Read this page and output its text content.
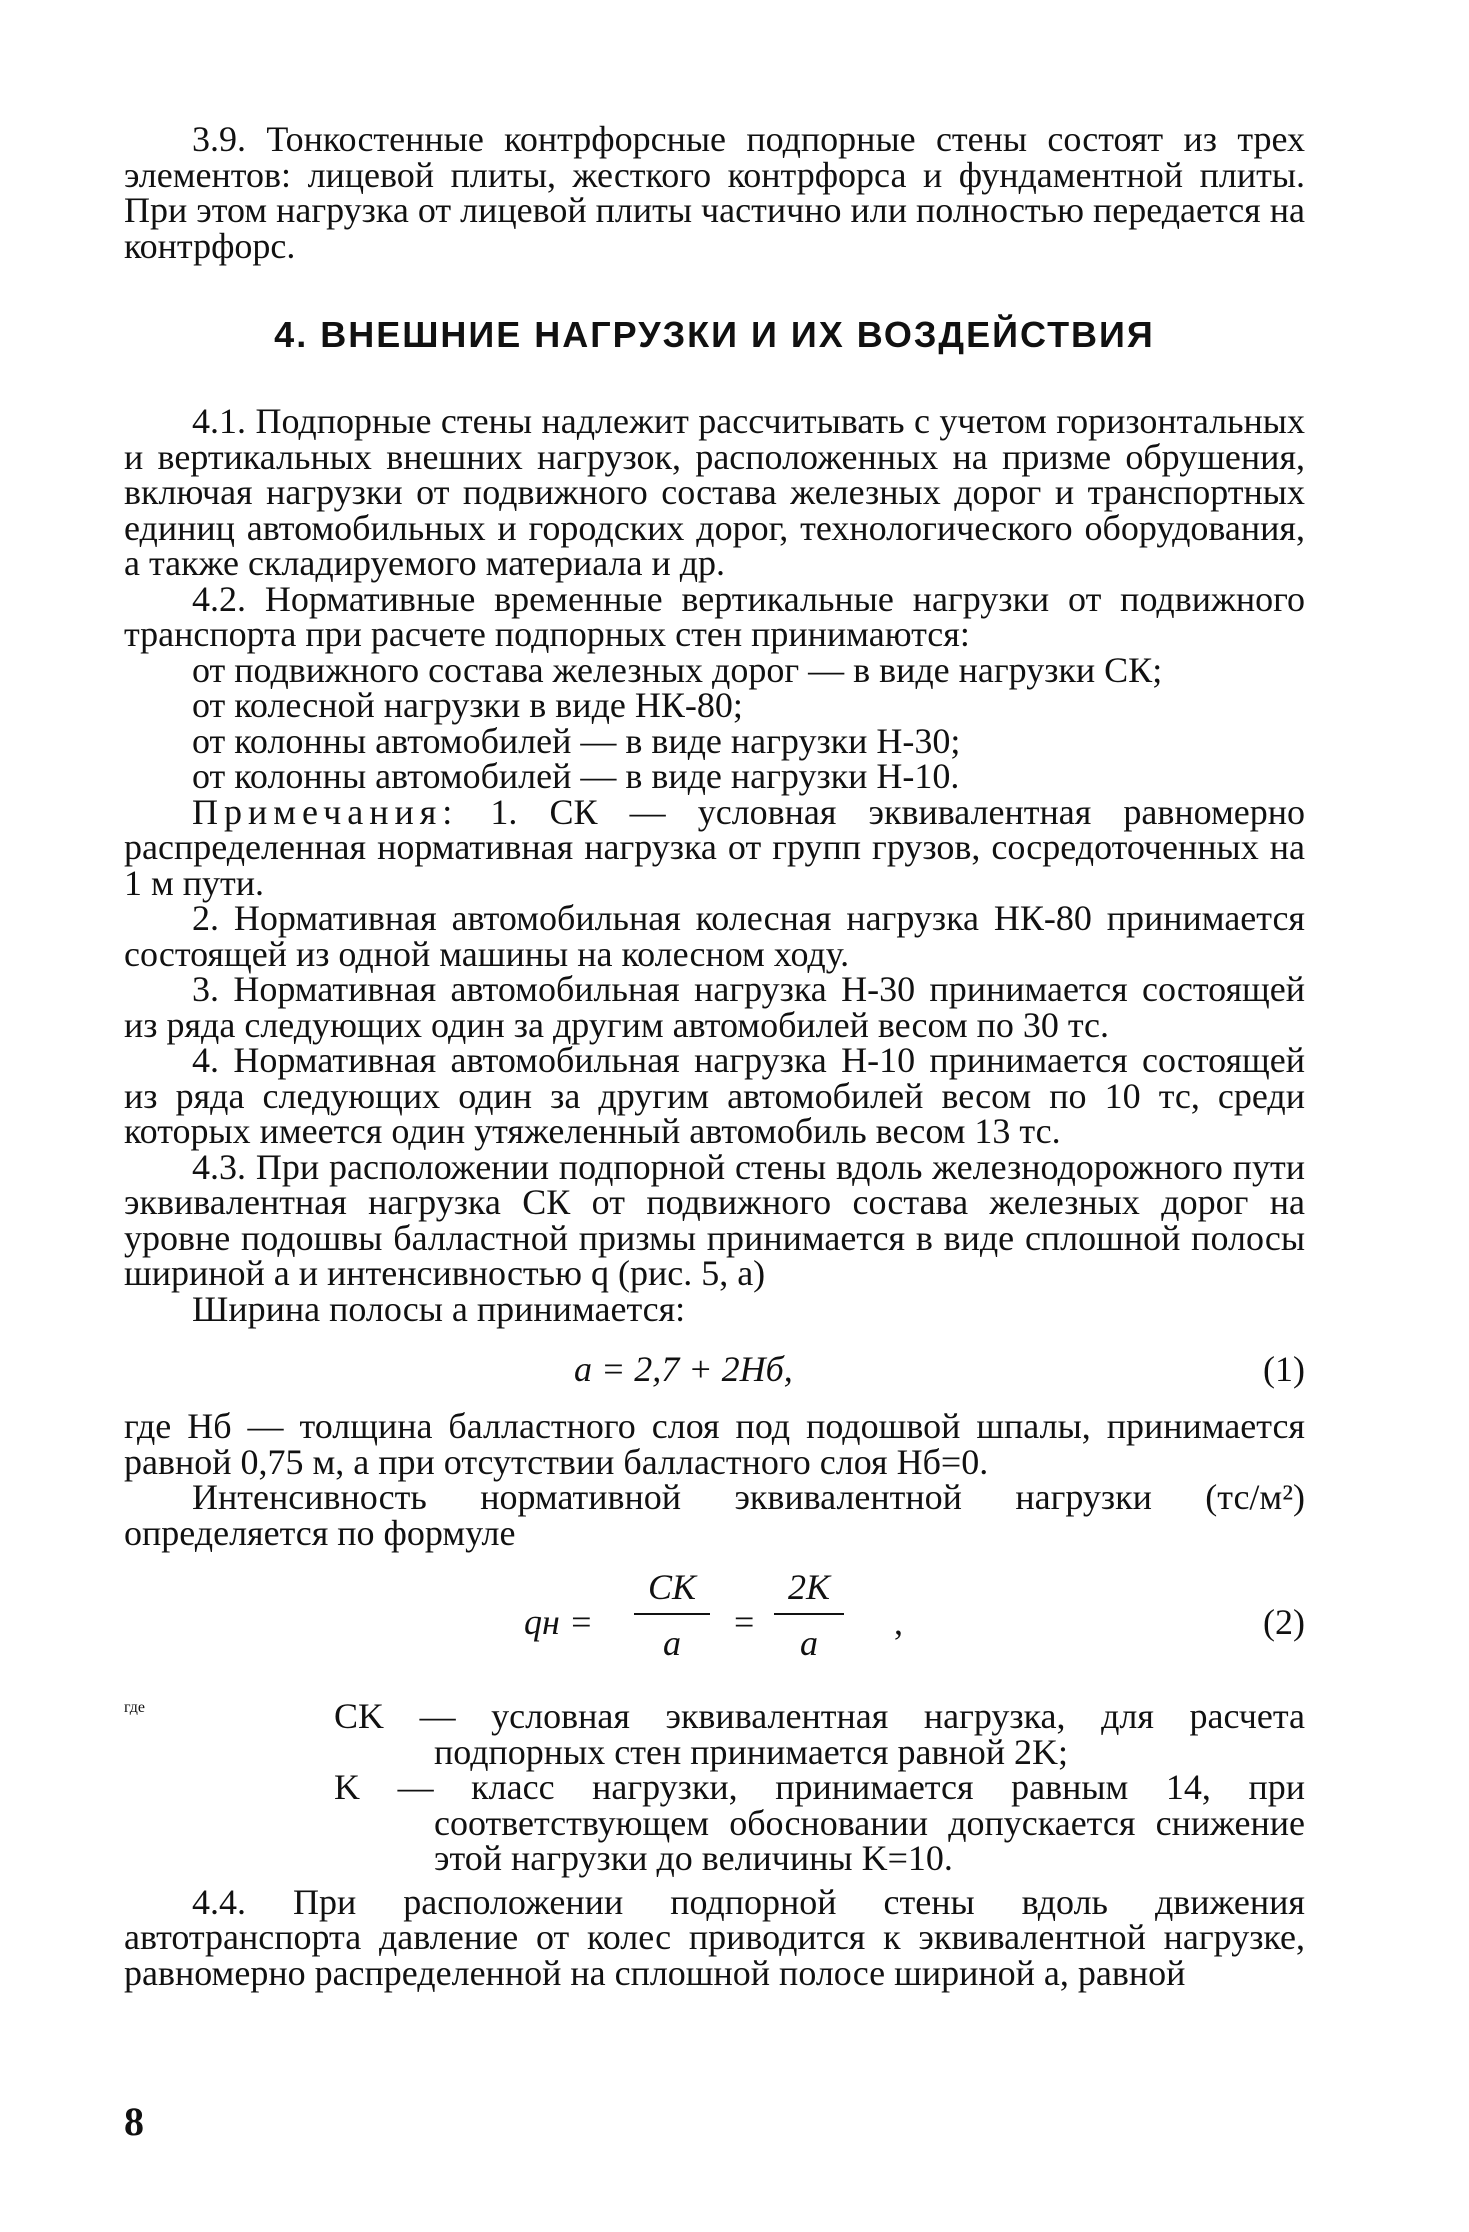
3.9. Тонкостенные контрфорсные подпорные стены состоят из трех элементов: лицевой плиты, жесткого контрфорса и фундаментной плиты. При этом нагрузка от лицевой плиты частично или полностью передается на контрфорс.

4. ВНЕШНИЕ НАГРУЗКИ И ИХ ВОЗДЕЙСТВИЯ

4.1. Подпорные стены надлежит рассчитывать с учетом горизонтальных и вертикальных внешних нагрузок, расположенных на призме обрушения, включая нагрузки от подвижного состава железных дорог и транспортных единиц автомобильных и городских дорог, технологического оборудования, а также складируемого материала и др.

4.2. Нормативные временные вертикальные нагрузки от подвижного транспорта при расчете подпорных стен принимаются:

от подвижного состава железных дорог — в виде нагрузки СК;

от колесной нагрузки в виде НК-80;

от колонны автомобилей — в виде нагрузки Н-30;

от колонны автомобилей — в виде нагрузки Н-10.

Примечания: 1. СК — условная эквивалентная равномерно распределенная нормативная нагрузка от групп грузов, сосредоточенных на 1 м пути.

2. Нормативная автомобильная колесная нагрузка НК-80 принимается состоящей из одной машины на колесном ходу.

3. Нормативная автомобильная нагрузка Н-30 принимается состоящей из ряда следующих один за другим автомобилей весом по 30 тс.

4. Нормативная автомобильная нагрузка Н-10 принимается состоящей из ряда следующих один за другим автомобилей весом по 10 тс, среди которых имеется один утяжеленный автомобиль весом 13 тс.

4.3. При расположении подпорной стены вдоль железнодорожного пути эквивалентная нагрузка СК от подвижного состава железных дорог на уровне подошвы балластной призмы принимается в виде сплошной полосы шириной a и интенсивностью q (рис. 5, a)

Ширина полосы a принимается:

a = 2,7 + 2Hб,	(1)

где Hб — толщина балластного слоя под подошвой шпалы, принимается равной 0,75 м, а при отсутствии балластного слоя Hб=0.

Интенсивность нормативной эквивалентной нагрузки (тс/м²) определяется по формуле

qн = $\frac{CK}{a} = \frac{2K}{a}$ ,	(2)
где	CK — условная эквивалентная нагрузка, для расчета подпорных стен принимается равной 2K;

K — класс нагрузки, принимается равным 14, при соответствующем обосновании допускается снижение этой нагрузки до величины K=10.

4.4. При расположении подпорной стены вдоль движения автотранспорта давление от колес приводится к эквивалентной нагрузке, равномерно распределенной на сплошной полосе шириной a, равной

8
